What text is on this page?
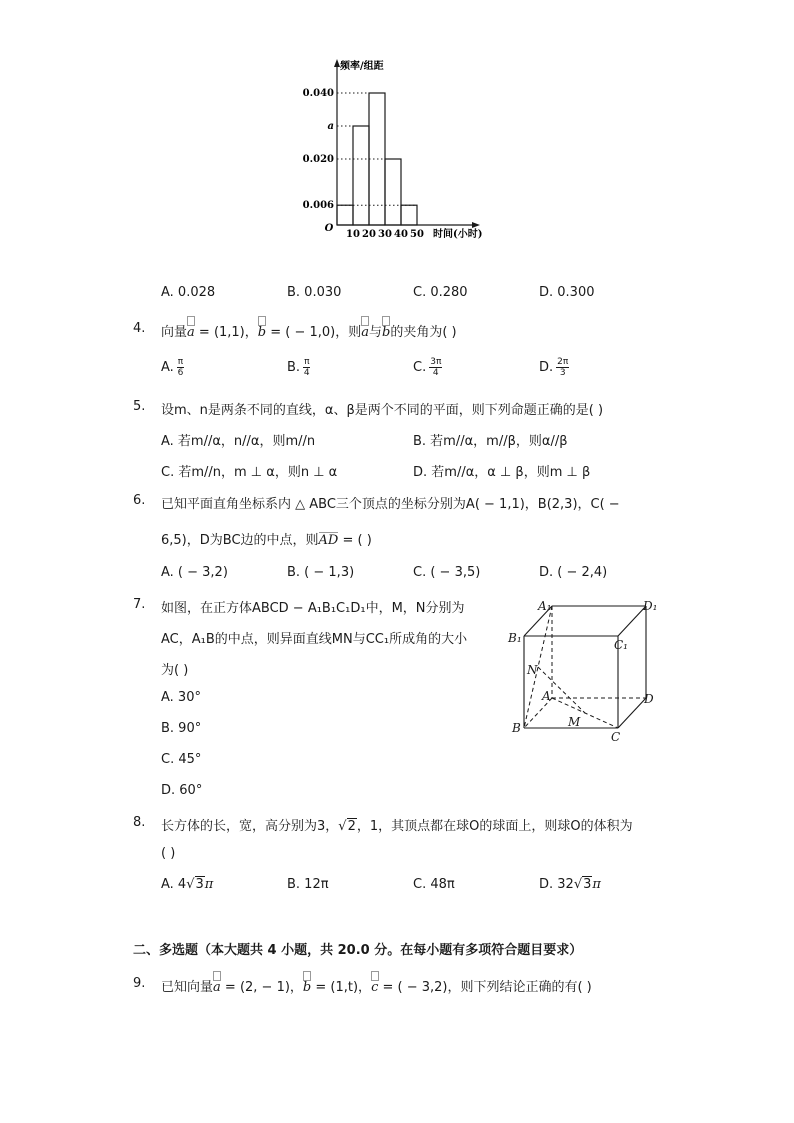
0.040
a
0.020
0.006
10 20 30 40 50
O
时间(小时)
频率/组距
A. 0.028	B. 0.030	C. 0.280	D. 0.300
4. 向量a = (1,1)，b = ( − 1,0)，则a与b的夹角为( )
A. $\frac{\pi}{6}$	B. $\frac{\pi}{4}$	C. $\frac{3\pi}{4}$	D. $\frac{2\pi}{3}$
5. 设m、n是两条不同的直线，α、β是两个不同的平面，则下列命题正确的是( )
A. 若m//α，n//α，则m//n	B. 若m//α，m//β，则α//β
C. 若m//n，m ⊥ α，则n ⊥ α	D. 若m//α，α ⊥ β，则m ⊥ β
6. 已知平面直角坐标系内 △ ABC三个顶点的坐标分别为A( − 1,1)，B(2,3)，C( −
6,5)，D为BC边的中点，则AD = ( )
A. ( − 3,2)	B. ( − 1,3)	C. ( − 3,5)	D. ( − 2,4)
7. 如图，在正方体ABCD − A₁B₁C₁D₁中，M，N分别为
AC，A₁B的中点，则异面直线MN与CC₁所成角的大小
为( )
A. 30°
B. 90°
C. 45°
D. 60°
A₁	D₁
B₁	C₁
N
A	D
M
B
C
8. 长方体的长，宽，高分别为3，√2，1，其顶点都在球O的球面上，则球O的体积为
( )
A. 4√3π	B. 12π	C. 48π	D. 32√3π
二、多选题（本大题共 4 小题，共 20.0 分。在每小题有多项符合题目要求）
9. 已知向量a = (2, − 1)，b = (1,t)，c = ( − 3,2)，则下列结论正确的有( )
